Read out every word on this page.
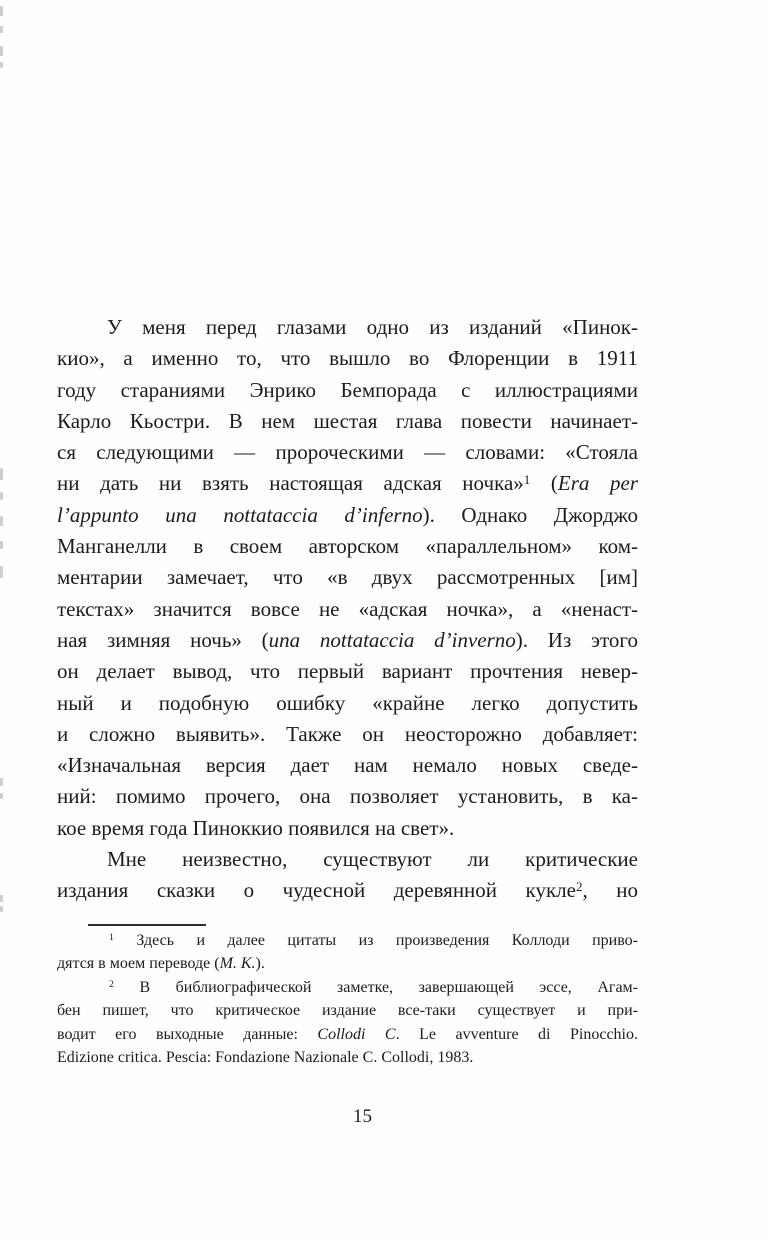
У меня перед глазами одно из изданий «Пинок-
кио», а именно то, что вышло во Флоренции в 1911
году стараниями Энрико Бемпорада с иллюстрациями
Карло Кьостри. В нем шестая глава повести начинает-
ся следующими — пророческими — словами: «Стояла
ни дать ни взять настоящая адская ночка»$^1$ (Era per
l’appunto una nottataccia d’inferno). Однако Джорджо
Манганелли в своем авторском «параллельном» ком-
ментарии замечает, что «в двух рассмотренных [им]
текстах» значится вовсе не «адская ночка», а «ненаст-
ная зимняя ночь» (una nottataccia d’inverno). Из этого
он делает вывод, что первый вариант прочтения невер-
ный и подобную ошибку «крайне легко допустить
и сложно выявить». Также он неосторожно добавляет:
«Изначальная версия дает нам немало новых сведе-
ний: помимо прочего, она позволяет установить, в ка-
кое время года Пиноккио появился на свет».
Мне неизвестно, существуют ли критические
издания сказки о чудесной деревянной кукле$^2$, но
$^1$ Здесь и далее цитаты из произведения Коллоди приво-
дятся в моем переводе (М. К.).
$^2$ В библиографической заметке, завершающей эссе, Агам-
бен пишет, что критическое издание все-таки существует и при-
водит его выходные данные: Collodi C. Le avventure di Pinocchio.
Edizione critica. Pescia: Fondazione Nazionale C. Collodi, 1983.
15
